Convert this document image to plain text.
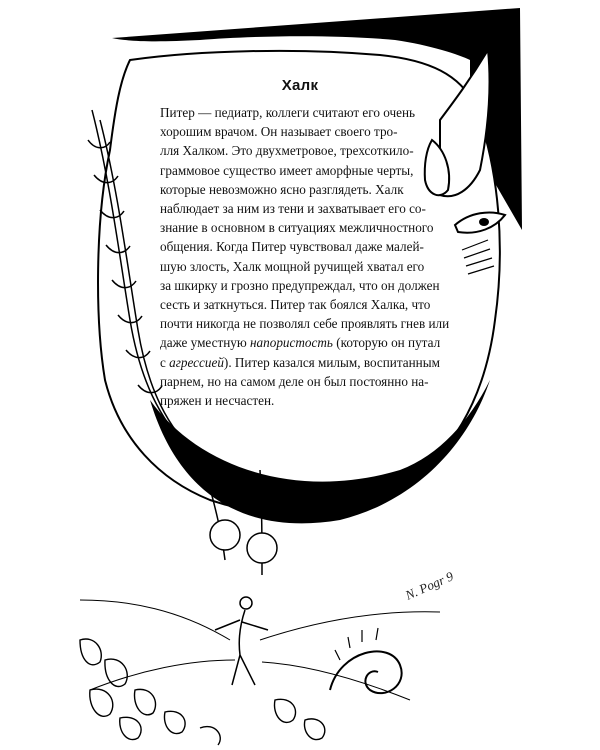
Халк
Питер — педиатр, коллеги считают его очень
хорошим врачом. Он называет своего тро-
лля Халком. Это двухметровое, трехсоткило-
граммовое существо имеет аморфные черты,
которые невозможно ясно разглядеть. Халк
наблюдает за ним из тени и захватывает его со-
знание в основном в ситуациях межличностного
общения. Когда Питер чувствовал даже малей-
шую злость, Халк мощной ручищей хватал его
за шкирку и грозно предупреждал, что он должен
сесть и заткнуться. Питер так боялся Халка, что
почти никогда не позволял себе проявлять гнев или
даже уместную напористость (которую он путал
с агрессией). Питер казался милым, воспитанным
парнем, но на самом деле он был постоянно на-
пряжен и несчастен.
N. Pogr 9
